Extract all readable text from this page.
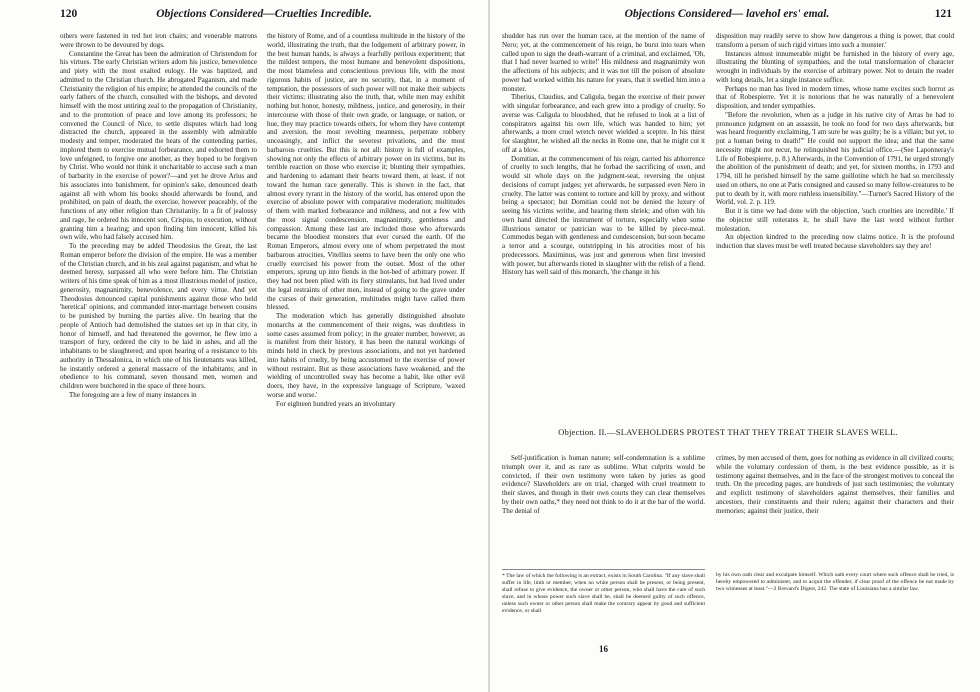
120	Objections Considered—Cruelties Incredible.

others were fastened in red hot iron chairs; and venerable matrons were thrown to be devoured by dogs.

Constantine the Great has been the admiration of Christendom for his virtues. The early Christian writers adorn his justice, benevolence and piety with the most exalted eulogy. He was baptized, and admitted to the Christian church. He abrogated Paganism, and made Christianity the religion of his empire; he attended the councils of the early fathers of the church, consulted with the bishops, and devoted himself with the most untiring zeal to the propagation of Christianity, and to the promotion of peace and love among its professors; he convened the Council of Nice, to settle disputes which had long distracted the church, appeared in the assembly with admirable modesty and temper, moderated the heats of the contending parties, implored them to exercise mutual forbearance, and exhorted them to love unfeigned, to forgive one another, as they hoped to be forgiven by Christ. Who would not think it uncharitable to accuse such a man of barbarity in the exercise of power?—and yet he drove Arius and his associates into banishment, for opinion's sake, denounced death against all with whom his books should afterwards be found, and prohibited, on pain of death, the exercise, however peaceably, of the functions of any other religion than Christianity. In a fit of jealousy and rage, he ordered his innocent son, Crispus, to execution, without granting him a hearing; and upon finding him innocent, killed his own wife, who had falsely accused him.

To the preceding may be added Theodosius the Great, the last Roman emperor before the division of the empire. He was a member of the Christian church, and in his zeal against paganism, and what he deemed heresy, surpassed all who were before him. The Christian writers of his time speak of him as a most illustrious model of justice, generosity, magnanimity, benevolence, and every virtue. And yet Theodosius denounced capital punishments against those who held 'heretical' opinions, and commanded inter-marriage between cousins to be punished by burning the parties alive. On hearing that the people of Antioch had demolished the statues set up in that city, in honor of himself, and had threatened the governor, he flew into a transport of fury, ordered the city to be laid in ashes, and all the inhabitants to be slaughtered; and upon hearing of a resistance to his authority in Thessalonica, in which one of his lieutenants was killed, he instantly ordered a general massacre of the inhabitants; and in obedience to his command, seven thousand men, women and children were butchered in the space of three hours.

The foregoing are a few of many instances in

the history of Rome, and of a countless multitude in the history of the world, illustrating the truth, that the lodgement of arbitrary power, in the best human hands, is always a fearfully perilous experiment; that the mildest tempers, the most humane and benevolent dispositions, the most blameless and conscientious previous life, with the most rigorous habits of justice, are no security, that, in a moment of temptation, the possessors of such power will not make their subjects their victims; illustrating also the truth, that, while men may exhibit nothing but honor, honesty, mildness, justice, and generosity, in their intercourse with those of their own grade, or language, or nation, or hue, they may practice towards others, for whom they have contempt and aversion, the most revolting meanness, perpetrate robbery unceasingly, and inflict the severest privations, and the most barbarous cruelties. But this is not all: history is full of examples, showing not only the effects of arbitrary power on its victims, but its terrible reaction on those who exercise it; blunting their sympathies, and hardening to adamant their hearts toward them, at least, if not toward the human race generally. This is shown in the fact, that almost every tyrant in the history of the world, has entered upon the exercise of absolute power with comparative moderation; multitudes of them with marked forbearance and mildness, and not a few with the most signal condescension, magnanimity, gentleness and compassion. Among these last are included those who afterwards became the bloodiest monsters that ever cursed the earth. Of the Roman Emperors, almost every one of whom perpetrated the most barbarous atrocities, Vitellius seems to have been the only one who cruelly exercised his power from the outset. Most of the other emperors, sprung up into fiends in the hot-bed of arbitrary power. If they had not been plied with its fiery stimulants, but had lived under the legal restraints of other men, instead of going to the grave under the curses of their generation, multitudes might have called them blessed.

The moderation which has generally distinguished absolute monarchs at the commencement of their reigns, was doubtless in some cases assumed from policy; in the greater number, however, as is manifest from their history, it has been the natural workings of minds held in check by previous associations, and not yet hardened into habits of cruelty, by being accustomed to the exercise of power without restraint. But as those associations have weakened, and the wielding of uncontrolled sway has become a habit, like other evil doers, they have, in the expressive language of Scripture, 'waxed worse and worse.'

For eighteen hundred years an involuntary

Objections Considered— lavehol ers' emal.	121

shudder has run over the human race, at the mention of the name of Nero; yet, at the commencement of his reign, he burst into tears when called upon to sign the death-warrant of a criminal, and exclaimed, 'Oh, that I had never learned to write!' His mildness and magnanimity won the affections of his subjects; and it was not till the poison of absolute power had worked within his nature for years, that it swelled him into a monster.

Tiberius, Claudius, and Caligula, began the exercise of their power with singular forbearance, and each grew into a prodigy of cruelty. So averse was Caligula to bloodshed, that he refused to look at a list of conspirators against his own life, which was handed to him; yet afterwards, a more cruel wretch never wielded a sceptre. In his thirst for slaughter, he wished all the necks in Rome one, that he might cut it off at a blow.

Domitian, at the commencement of his reign, carried his abhorrence of cruelty to such lengths, that he forbad the sacrificing of oxen, and would sit whole days on the judgment-seat, reversing the unjust decisions of corrupt judges; yet afterwards, he surpassed even Nero in cruelty. The latter was content to torture and kill by proxy, and without being a spectator; but Domitian could not be denied the luxury of seeing his victims writhe, and hearing them shriek; and often with his own hand directed the instrument of torture, especially when some illustrious senator or patrician was to be killed by piece-meal. Commodus began with gentleness and condescension, but soon became a terror and a scourge, outstripping in his atrocities most of his predecessors. Maximinus, was just and generous when first invested with power, but afterwards rioted in slaughter with the relish of a fiend. History has well said of this monarch, 'the change in his

disposition may readily serve to show how dangerous a thing is power, that could transform a person of such rigid virtues into such a monster.'

Instances almost innumerable might be furnished in the history of every age, illustrating the blunting of sympathies, and the total transformation of character wrought in individuals by the exercise of arbitrary power. Not to detain the reader with long details, let a single instance suffice.

Perhaps no man has lived in modern times, whose name excites such horror as that of Robespierre. Yet it is notorious that he was naturally of a benevolent disposition, and tender sympathies.

"Before the revolution, when as a judge in his native city of Arras he had to pronounce judgment on an assassin, he took no food for two days afterwards, but was heard frequently exclaiming, 'I am sure he was guilty; he is a villain; but yet, to put a human being to death!'" He could not support the idea; and that the same necessity might not recur, he relinquished his judicial office.—(See Laponneray's Life of Robespierre, p. 8.) Afterwards, in the Convention of 1791, he urged strongly the abolition of the punishment of death; and yet, for sixteen months, in 1793 and 1794, till he perished himself by the same guillotine which he had so mercilessly used on others, no one at Paris consigned and caused so many fellow-creatures to be put to death by it, with more ruthless insensibility."—Turner's Sacred History of the World, vol. 2. p. 119.

But it is time we had done with the objection, 'such cruelties are incredible.' If the objector still reiterates it, he shall have the last word without further molestation.

An objection kindred to the preceding now claims notice. It is the profound induction that slaves must be well treated because slaveholders say they are!

Objection. II.—SLAVEHOLDERS PROTEST THAT THEY TREAT THEIR SLAVES WELL.

Self-justification is human nature; self-condemnation is a sublime triumph over it, and as rare as sublime. What culprits would be convicted, if their own testimony were taken by juries as good evidence? Slaveholders are on trial, charged with cruel treatment to their slaves, and though in their own courts they can clear themselves by their own oaths,* they need not think to do it at the bar of the world. The denial of

crimes, by men accused of them, goes for nothing as evidence in all civilized courts; while the voluntary confession of them, is the best evidence possible, as it is testimony against themselves, and in the face of the strongest motives to conceal the truth. On the preceding pages, are hundreds of just such testimonies; the voluntary and explicit testimony of slaveholders against themselves, their families and ancestors, their constituents and their rulers; against their characters and their memories; against their justice, their

* The law of which the following is an extract, exists in South Carolina. "If any slave shall suffer in life, limb or member, when no white person shall be present, or being present, shall refuse to give evidence, the owner or other person, who shall have the care of such slave, and in whose power such slave shall be, shall be deemed guilty of such offence, unless such owner or other person shall make the contrary appear by good and sufficient evidence, or shall
by his own oath clear and exculpate himself. Which oath every court where such offence shall be tried, is hereby empowered to administer, and to acquit the offender, if clear proof of the offence be not made by two witnesses at least."—2 Brevard's Digest, 242. The state of Louisiana has a similar law.
16
